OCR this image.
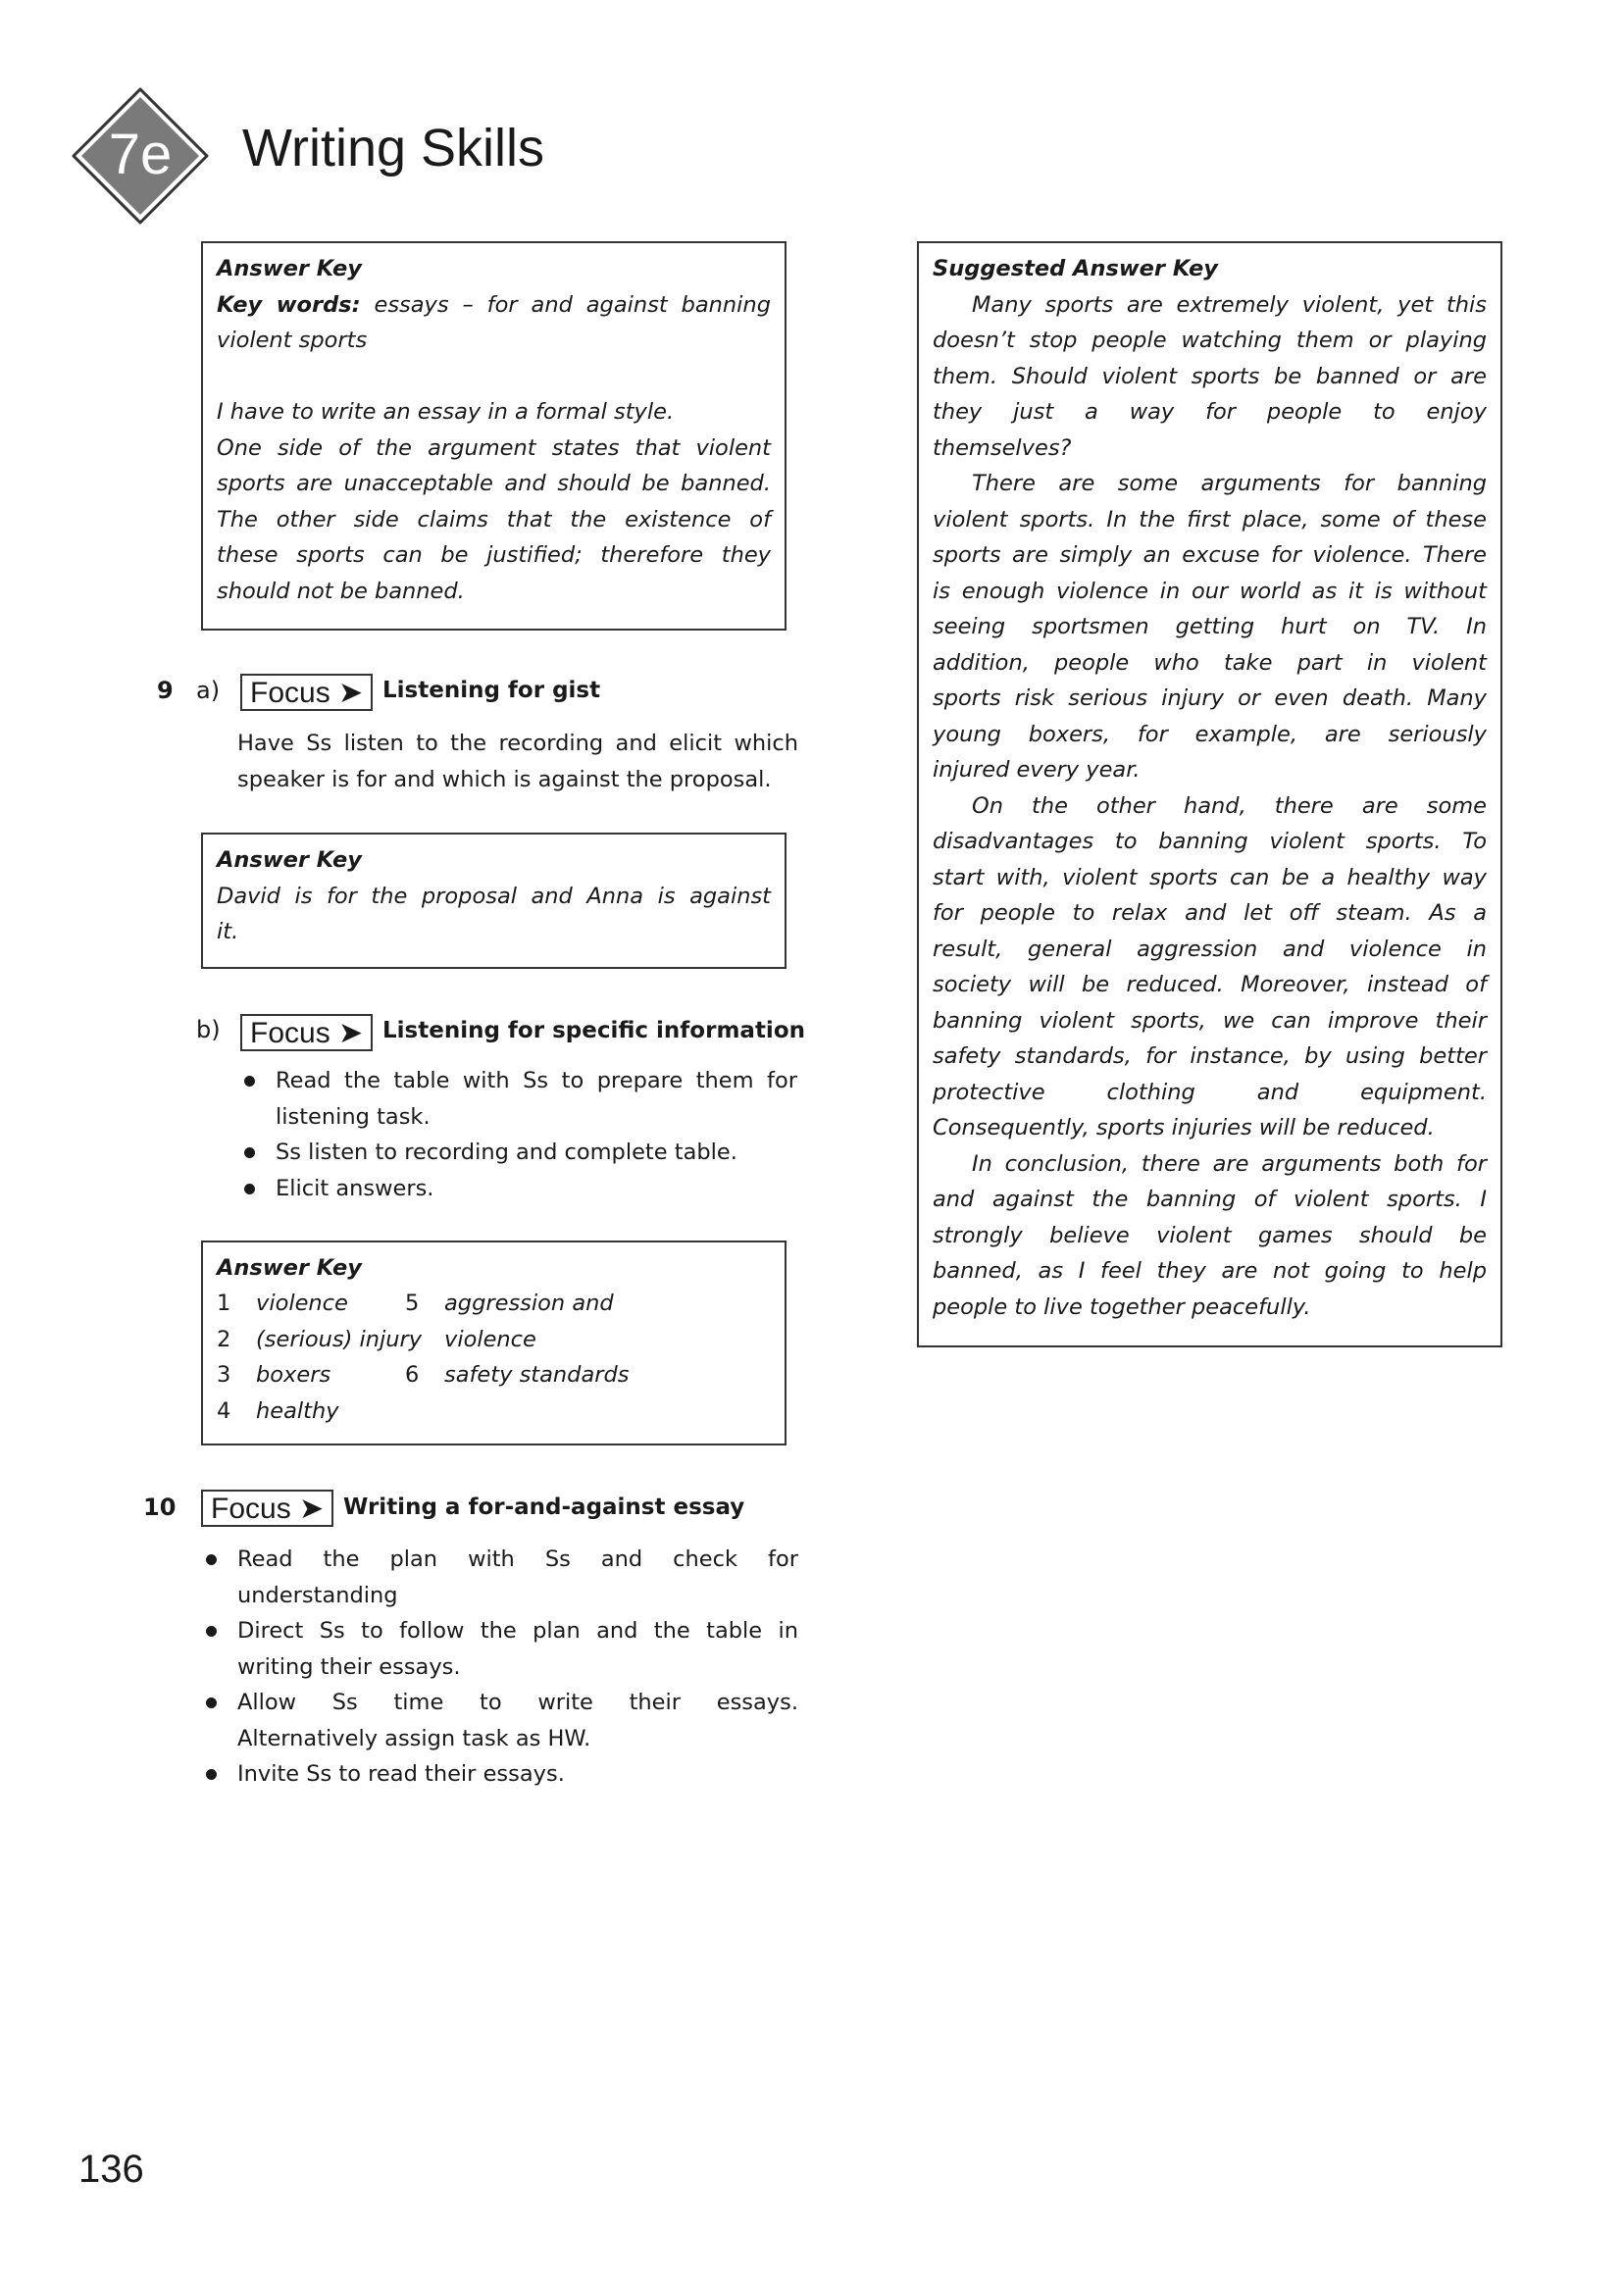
7e	Writing Skills
Answer Key
Key words: essays – for and against banning
violent sports
I have to write an essay in a formal style.
One side of the argument states that violent
sports are unacceptable and should be banned.
The other side claims that the existence of
these sports can be justified; therefore they
should not be banned.
9 a)	Focus ➤ Listening for gist
Have Ss listen to the recording and elicit which
speaker is for and which is against the proposal.
Answer Key
David is for the proposal and Anna is against
it.
b)	Focus ➤ Listening for specific information
Read the table with Ss to prepare them for
listening task.
Ss listen to recording and complete table.
Elicit answers.
Answer Key
1 violence
2 (serious) injury
3 boxers
4 healthy
5 aggression and
violence
6 safety standards
10	Focus ➤ Writing a for-and-against essay
Read the plan with Ss and check for
understanding
Direct Ss to follow the plan and the table in
writing their essays.
Allow Ss time to write their essays.
Alternatively assign task as HW.
Invite Ss to read their essays.
Suggested Answer Key
Many sports are extremely violent, yet this
doesn’t stop people watching them or playing
them. Should violent sports be banned or are
they just a way for people to enjoy
themselves?
There are some arguments for banning
violent sports. In the first place, some of these
sports are simply an excuse for violence. There
is enough violence in our world as it is without
seeing sportsmen getting hurt on TV. In
addition, people who take part in violent
sports risk serious injury or even death. Many
young boxers, for example, are seriously
injured every year.
On the other hand, there are some
disadvantages to banning violent sports. To
start with, violent sports can be a healthy way
for people to relax and let off steam. As a
result, general aggression and violence in
society will be reduced. Moreover, instead of
banning violent sports, we can improve their
safety standards, for instance, by using better
protective clothing and equipment.
Consequently, sports injuries will be reduced.
In conclusion, there are arguments both for
and against the banning of violent sports. I
strongly believe violent games should be
banned, as I feel they are not going to help
people to live together peacefully.
136
